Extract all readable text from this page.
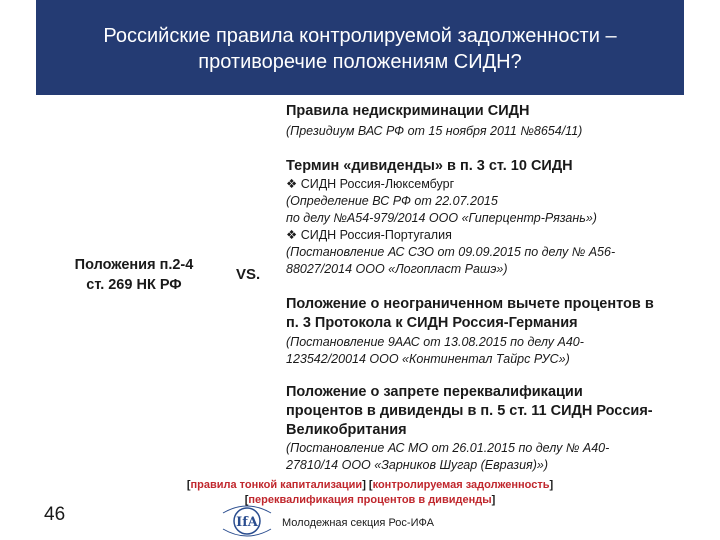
Российские правила контролируемой задолженности –
противоречие положениям СИДН?
Положения п.2-4
ст. 269 НК РФ
VS.
Правила недискриминации СИДН
(Президиум ВАС РФ от 15 ноября 2011 №8654/11)
Термин «дивиденды» в п. 3 ст. 10 СИДН
❖ СИДН Россия-Люксембург
(Определение ВС РФ от 22.07.2015
по делу №А54-979/2014 ООО «Гиперцентр-Рязань»)
❖ СИДН Россия-Португалия
(Постановление АС СЗО от 09.09.2015 по делу № А56-
88027/2014 ООО «Логопласт Рашэ»)
Положение о неограниченном вычете процентов в
п. 3 Протокола к СИДН Россия-Германия
(Постановление 9ААС от 13.08.2015 по делу А40-
123542/20014 ООО «Континентал Тайрс РУС»)
Положение о запрете переквалификации
процентов в дивиденды в п. 5 ст. 11 СИДН Россия-
Великобритания
(Постановление АС МО от 26.01.2015 по делу № А40-
27810/14 ООО «Зарников Шугар (Евразия)»)
[правила тонкой капитализации] [контролируемая задолженность]
[переквалификация процентов в дивиденды]
46	IfA Молодежная секция Рос-ИФА
